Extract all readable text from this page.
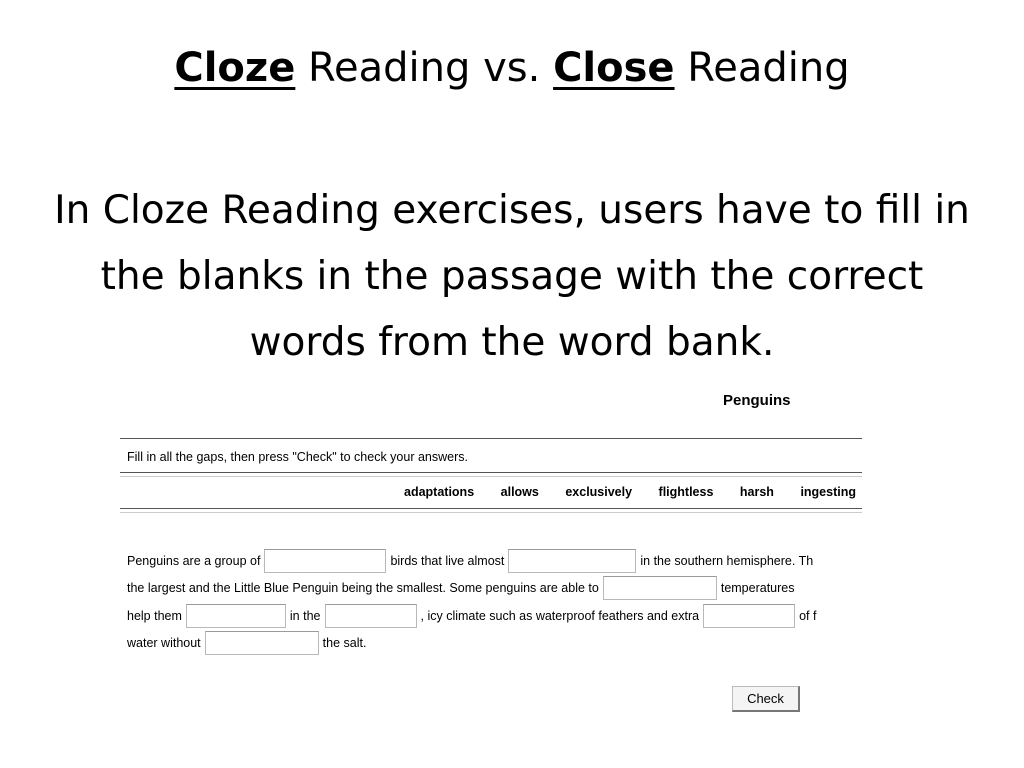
Cloze Reading vs. Close Reading
In Cloze Reading exercises, users have to fill in the blanks in the passage with the correct words from the word bank.
Penguins
Fill in all the gaps, then press "Check" to check your answers.
adaptations allows exclusively flightless harsh ingesting
Penguins are a group of	birds that live almost	in the southern hemisphere. Th
the largest and the Little Blue Penguin being the smallest. Some penguins are able to	temperatures
help them	in the	, icy climate such as waterproof feathers and extra	of f
water without	the salt.
Check
